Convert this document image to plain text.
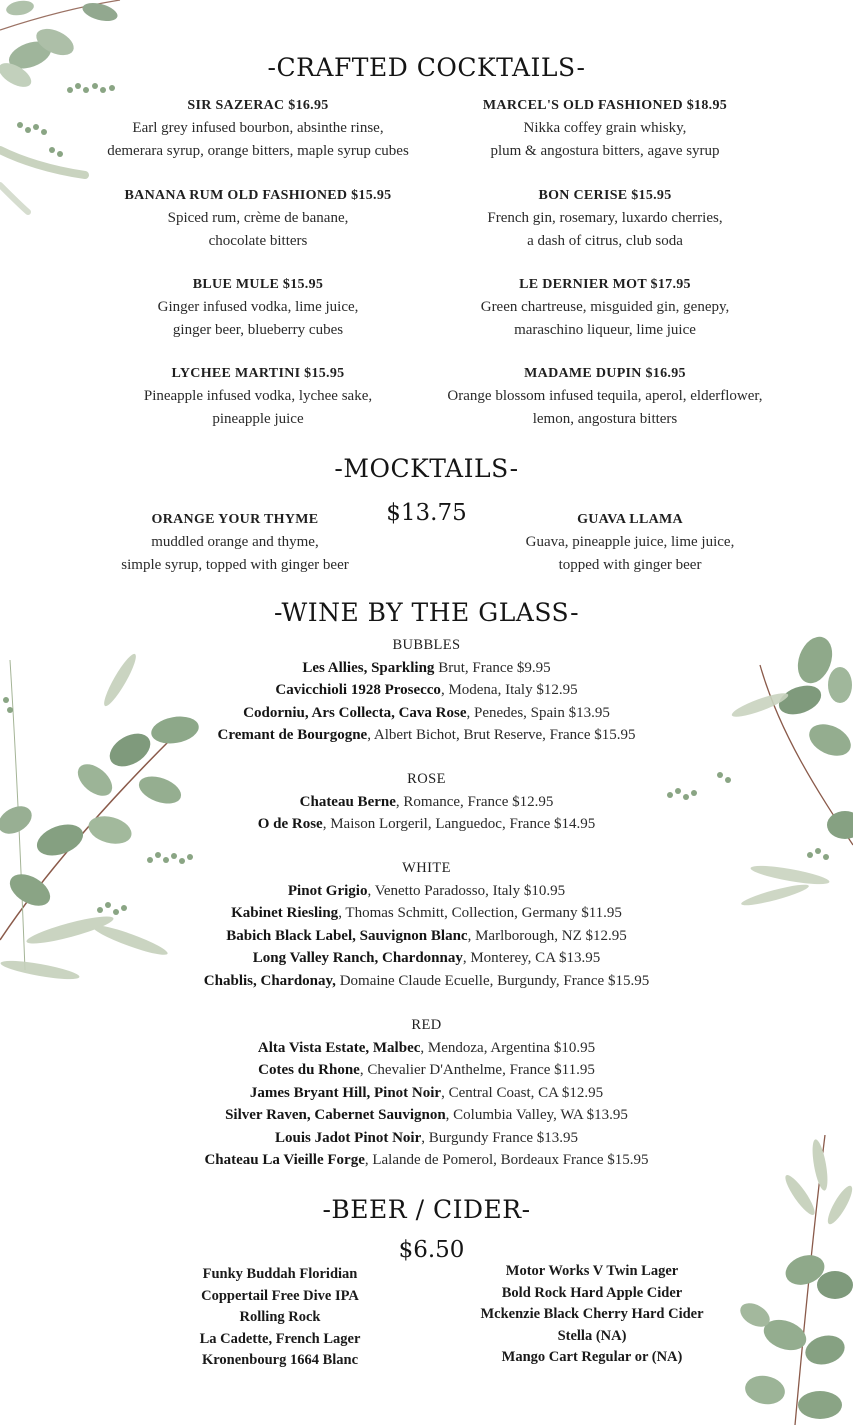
-CRAFTED COCKTAILS-
SIR SAZERAC $16.95
Earl grey infused bourbon, absinthe rinse,
demerara syrup, orange bitters, maple syrup cubes
BANANA RUM OLD FASHIONED $15.95
Spiced rum, crème de banane,
chocolate bitters
BLUE MULE $15.95
Ginger infused vodka, lime juice,
ginger beer, blueberry cubes
LYCHEE MARTINI $15.95
Pineapple infused vodka, lychee sake,
pineapple juice
MARCEL'S OLD FASHIONED $18.95
Nikka coffey grain whisky,
plum & angostura bitters, agave syrup
BON CERISE $15.95
French gin, rosemary, luxardo cherries,
a dash of citrus, club soda
LE DERNIER MOT $17.95
Green chartreuse, misguided gin, genepy,
maraschino liqueur, lime juice
MADAME DUPIN $16.95
Orange blossom infused tequila, aperol, elderflower,
lemon, angostura bitters
-MOCKTAILS-
$13.75
ORANGE YOUR THYME
muddled orange and thyme,
simple syrup, topped with ginger beer
GUAVA LLAMA
Guava, pineapple juice, lime juice,
topped with ginger beer
-WINE BY THE GLASS-
BUBBLES
Les Allies, Sparkling Brut, France $9.95
Cavicchioli 1928 Prosecco, Modena, Italy $12.95
Codorniu, Ars Collecta, Cava Rose, Penedes, Spain $13.95
Cremant de Bourgogne, Albert Bichot, Brut Reserve, France $15.95
ROSE
Chateau Berne, Romance, France $12.95
O de Rose, Maison Lorgeril, Languedoc, France $14.95
WHITE
Pinot Grigio, Venetto Paradosso, Italy $10.95
Kabinet Riesling, Thomas Schmitt, Collection, Germany $11.95
Babich Black Label, Sauvignon Blanc, Marlborough, NZ $12.95
Long Valley Ranch, Chardonnay, Monterey, CA $13.95
Chablis, Chardonay, Domaine Claude Ecuelle, Burgundy, France $15.95
RED
Alta Vista Estate, Malbec, Mendoza, Argentina $10.95
Cotes du Rhone, Chevalier D'Anthelme, France $11.95
James Bryant Hill, Pinot Noir, Central Coast, CA $12.95
Silver Raven, Cabernet Sauvignon, Columbia Valley, WA $13.95
Louis Jadot Pinot Noir, Burgundy France $13.95
Chateau La Vieille Forge, Lalande de Pomerol, Bordeaux France $15.95
-BEER / CIDER-
$6.50
Funky Buddah Floridian
Coppertail Free Dive IPA
Rolling Rock
La Cadette, French Lager
Kronenbourg 1664 Blanc
Motor Works V Twin Lager
Bold Rock Hard Apple Cider
Mckenzie Black Cherry Hard Cider
Stella (NA)
Mango Cart Regular or (NA)
